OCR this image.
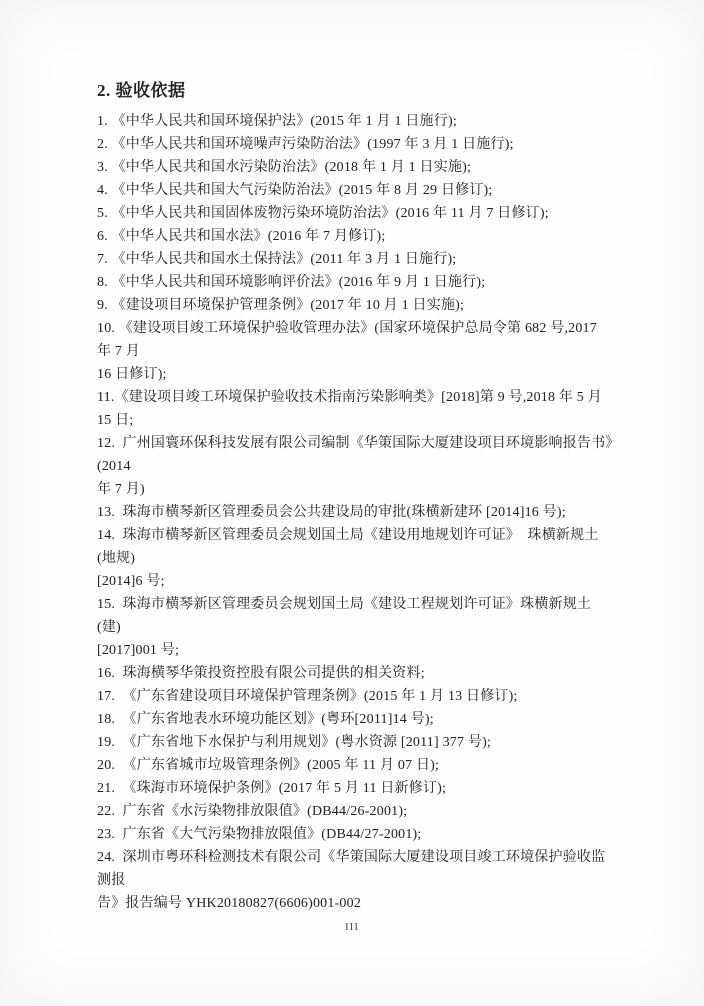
2. 验收依据

1. 《中华人民共和国环境保护法》(2015 年 1 月 1 日施行);

2. 《中华人民共和国环境噪声污染防治法》(1997 年 3 月 1 日施行);

3. 《中华人民共和国水污染防治法》(2018 年 1 月 1 日实施);

4. 《中华人民共和国大气污染防治法》(2015 年 8 月 29 日修订);

5. 《中华人民共和国固体废物污染环境防治法》(2016 年 11 月 7 日修订);

6. 《中华人民共和国水法》(2016 年 7 月修订);

7. 《中华人民共和国水土保持法》(2011 年 3 月 1 日施行);

8. 《中华人民共和国环境影响评价法》(2016 年 9 月 1 日施行);

9. 《建设项目环境保护管理条例》(2017 年 10 月 1 日实施);

10. 《建设项目竣工环境保护验收管理办法》(国家环境保护总局令第 682 号,2017 年 7 月
16 日修订);

11.《建设项目竣工环境保护验收技术指南污染影响类》[2018]第 9 号,2018 年 5 月 15 日;

12.  广州国寰环保科技发展有限公司编制《华策国际大厦建设项目环境影响报告书》(2014
年 7 月)

13.  珠海市横琴新区管理委员会公共建设局的审批(珠横新建环 [2014]16 号);

14.  珠海市横琴新区管理委员会规划国土局《建设用地规划许可证》  珠横新规土(地规)
[2014]6 号;

15.  珠海市横琴新区管理委员会规划国土局《建设工程规划许可证》珠横新规土(建)
[2017]001 号;

16.  珠海横琴华策投资控股有限公司提供的相关资料;

17.  《广东省建设项目环境保护管理条例》(2015 年 1 月 13 日修订);

18.  《广东省地表水环境功能区划》(粤环[2011]14 号);

19.  《广东省地下水保护与利用规划》(粤水资源 [2011] 377 号);

20.  《广东省城市垃圾管理条例》(2005 年 11 月 07 日);

21.  《珠海市环境保护条例》(2017 年 5 月 11 日新修订);

22.  广东省《水污染物排放限值》(DB44/26-2001);

23.  广东省《大气污染物排放限值》(DB44/27-2001);

24.  深圳市粤环科检测技术有限公司《华策国际大厦建设项目竣工环境保护验收监测报
告》报告编号 YHK20180827(6606)001-002

III
